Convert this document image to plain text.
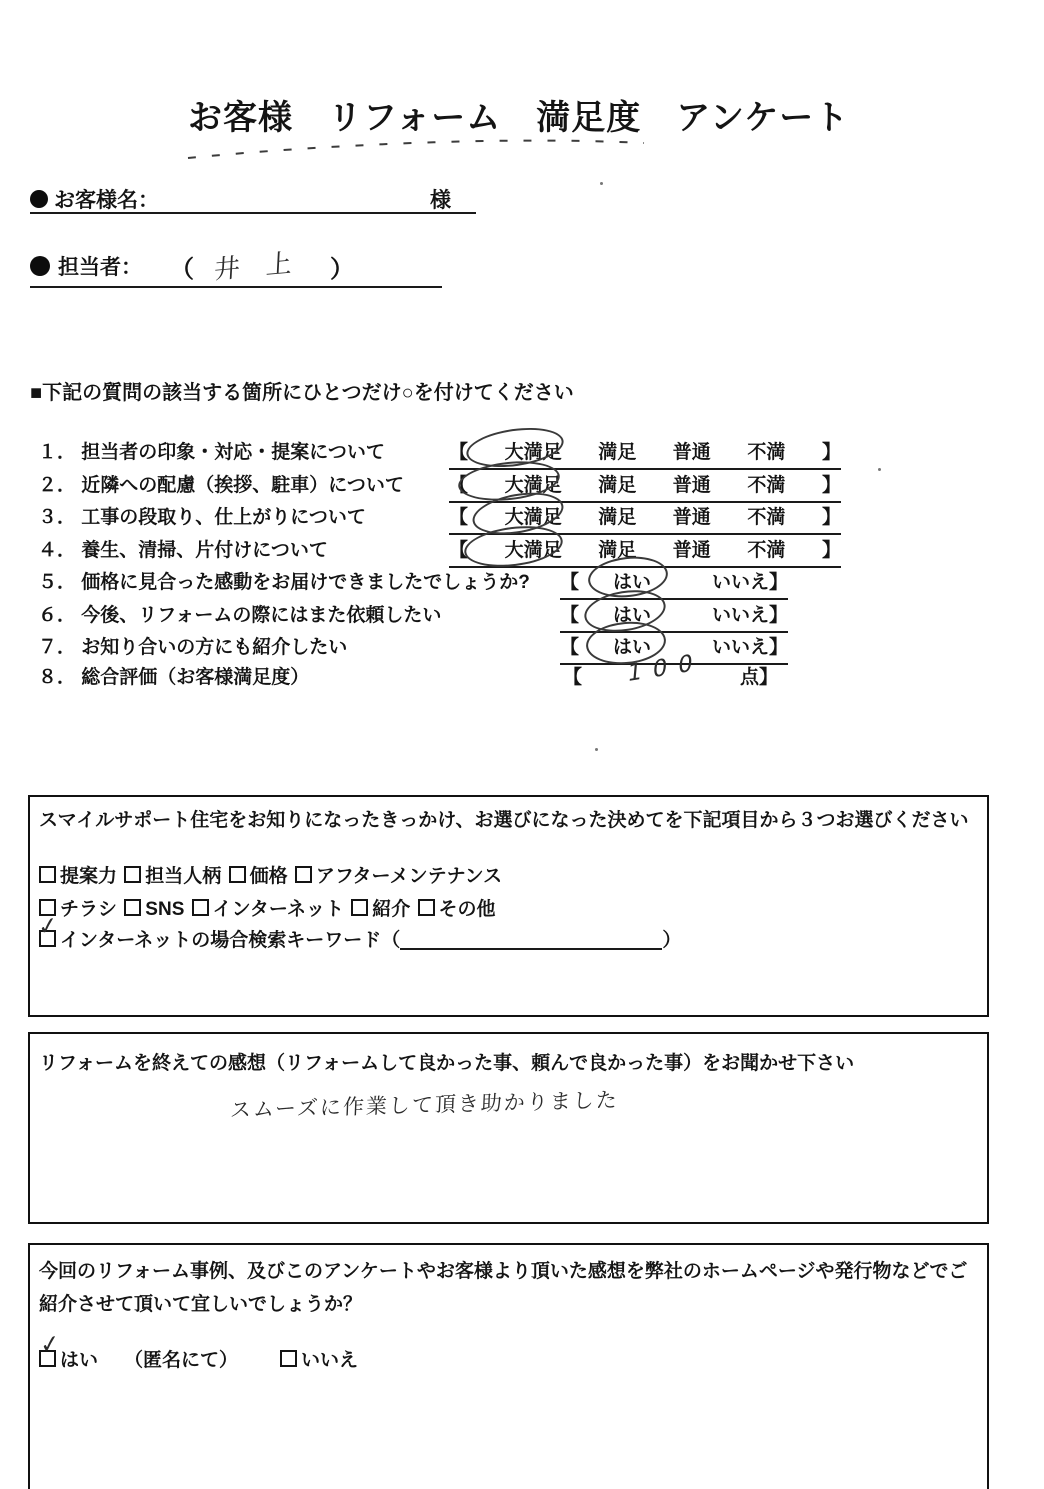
お客様　リフォーム　満足度　アンケート
お客様名：	様
担当者： （ 井上 ）
■下記の質問の該当する箇所にひとつだけ○を付けてください
１． 担当者の印象・対応・提案について	【 大満足 満足 普通 不満 】
２． 近隣への配慮（挨拶、駐車）について 【 大満足 満足 普通 不満 】
３． 工事の段取り、仕上がりについて	【 大満足 満足 普通 不満 】
４． 養生、清掃、片付けについて	【 大満足 満足 普通 不満 】
５． 価格に見合った感動をお届けできましたでしょうか? 【 はい	いいえ】
６． 今後、リフォームの際にはまた依頼したい	【 はい	いいえ】
７． お知り合いの方にも紹介したい	【 はい	いいえ】
８． 総合評価（お客様満足度）	【 100 点】
スマイルサポート住宅をお知りになったきっかけ、お選びになった決めてを下記項目から３つお選びください
提案力 担当人柄 価格 アフターメンテナンス
チラシ SNS インターネット 紹介 その他
インターネットの場合検索キーワード（	）
✓
リフォームを終えての感想（リフォームして良かった事、頼んで良かった事）をお聞かせ下さい
スムーズに作業して頂き助かりました
今回のリフォーム事例、及びこのアンケートやお客様より頂いた感想を弊社のホームページや発行物などでご紹介させて頂いて宜しいでしょうか？
はい （匿名にて）	いいえ
✓
